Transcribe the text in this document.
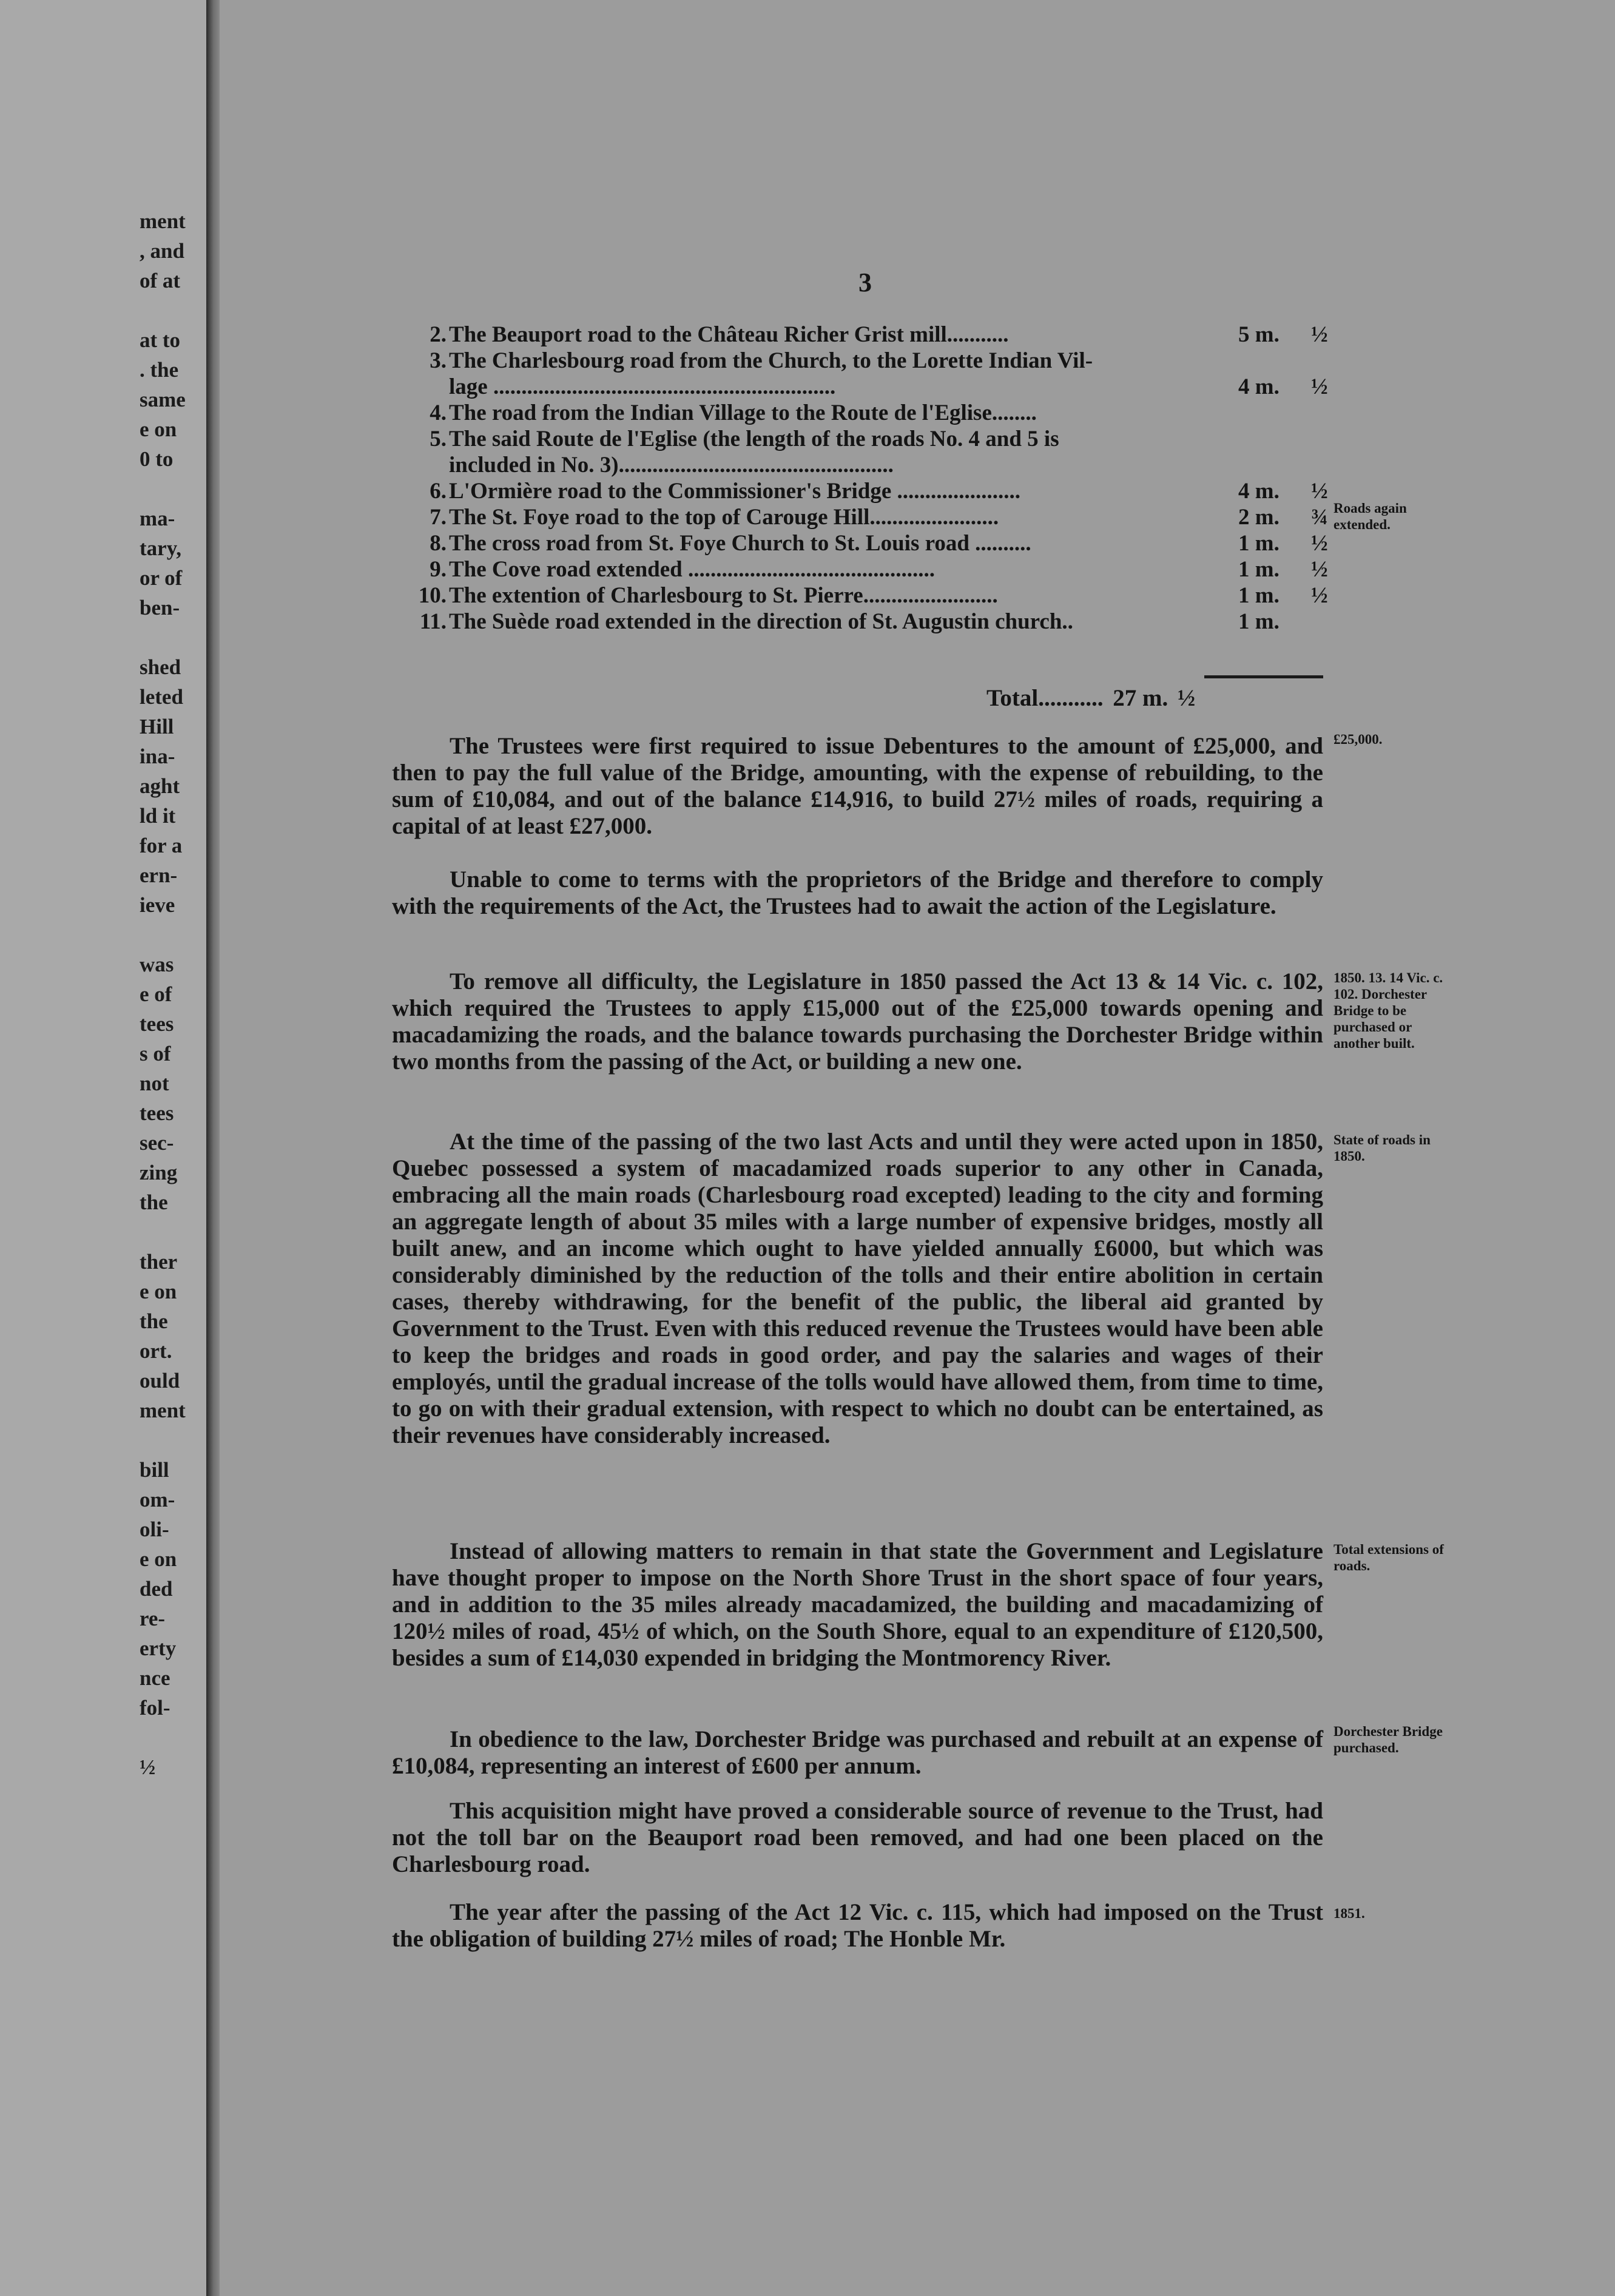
ment
, and
of at
at to
. the
same
e on
0 to
ma-
tary,
or of
ben-
shed
leted
Hill
ina-
aght
ld it
for a
ern-
ieve
was
e of
tees
s of
not
tees
sec-
zing
the
ther
e on
the
ort.
ould
ment
bill
om-
oli-
e on
ded
re-
erty
nce
fol-
½
3
2. The Beauport road to the Château Richer Grist mill...........	5 m.	½
3. The Charlesbourg road from the Church, to the Lorette Indian Vil-
lage .............................................................	4 m.	½
4. The road from the Indian Village to the Route de l'Eglise........
5. The said Route de l'Eglise (the length of the roads No. 4 and 5 is
included in No. 3).................................................
6. L'Ormière road to the Commissioner's Bridge ......................	4 m.	½
7. The St. Foye road to the top of Carouge Hill.......................	2 m.	¾
8. The cross road from St. Foye Church to St. Louis road ..........	1 m.	½
9. The Cove road extended ............................................	1 m.	½
10. The extention of Charlesbourg to St. Pierre........................	1 m.	½
11. The Suède road extended in the direction of St. Augustin church..	1 m.
Total........... 27 m. ½

The Trustees were first required to issue Debentures to the amount of £25,000, and then to pay the full value of the Bridge, amounting, with the expense of rebuilding, to the sum of £10,084, and out of the balance £14,916, to build 27½ miles of roads, requiring a capital of at least £27,000.

Unable to come to terms with the proprietors of the Bridge and therefore to comply with the requirements of the Act, the Trustees had to await the action of the Legislature.

To remove all difficulty, the Legislature in 1850 passed the Act 13 & 14 Vic. c. 102, which required the Trustees to apply £15,000 out of the £25,000 towards opening and macadamizing the roads, and the balance towards purchasing the Dorchester Bridge within two months from the passing of the Act, or building a new one.

At the time of the passing of the two last Acts and until they were acted upon in 1850, Quebec possessed a system of macadamized roads superior to any other in Canada, embracing all the main roads (Charlesbourg road excepted) leading to the city and forming an aggregate length of about 35 miles with a large number of expensive bridges, mostly all built anew, and an income which ought to have yielded annually £6000, but which was considerably diminished by the reduction of the tolls and their entire abolition in certain cases, thereby withdrawing, for the benefit of the public, the liberal aid granted by Government to the Trust. Even with this reduced revenue the Trustees would have been able to keep the bridges and roads in good order, and pay the salaries and wages of their employés, until the gradual increase of the tolls would have allowed them, from time to time, to go on with their gradual extension, with respect to which no doubt can be entertained, as their revenues have considerably increased.

Instead of allowing matters to remain in that state the Government and Legislature have thought proper to impose on the North Shore Trust in the short space of four years, and in addition to the 35 miles already macadamized, the building and macadamizing of 120½ miles of road, 45½ of which, on the South Shore, equal to an expenditure of £120,500, besides a sum of £14,030 expended in bridging the Montmorency River.

In obedience to the law, Dorchester Bridge was purchased and rebuilt at an expense of £10,084, representing an interest of £600 per annum.

This acquisition might have proved a considerable source of revenue to the Trust, had not the toll bar on the Beauport road been removed, and had one been placed on the Charlesbourg road.

The year after the passing of the Act 12 Vic. c. 115, which had imposed on the Trust the obligation of building 27½ miles of road; The Honble Mr.

Roads again extended.
£25,000.
1850. 13. 14 Vic. c. 102. Dorchester Bridge to be purchased or another built.
State of roads in 1850.
Total extensions of roads.
Dorchester Bridge purchased.
1851.
